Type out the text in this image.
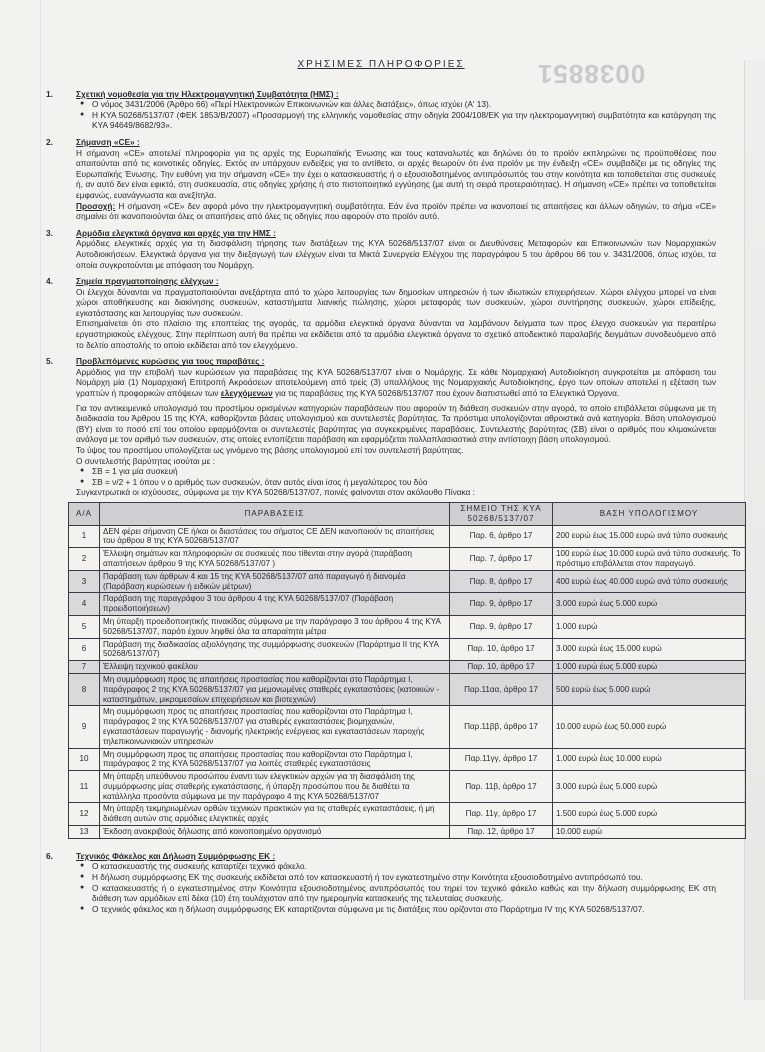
0038851
ΧΡΗΣΙΜΕΣ ΠΛΗΡΟΦΟΡΙΕΣ
1.	Σχετική νομοθεσία για την Ηλεκτρομαγνητική Συμβατότητα (ΗΜΣ) :

● Ο νόμος 3431/2006 (Άρθρο 66) «Περί Ηλεκτρονικών Επικοινωνιών και άλλες διατάξεις», όπως ισχύει (Α' 13).

● Η ΚΥΑ 50268/5137/07 (ΦΕΚ 1853/Β/2007) «Προσαρμογή της ελληνικής νομοθεσίας στην οδηγία 2004/108/ΕΚ για την ηλεκτρομαγνητική συμβατότητα και κατάργηση της ΚΥΑ 94649/8682/93».

2.	Σήμανση «CE» :

Η σήμανση «CE» αποτελεί πληροφορία για τις αρχές της Ευρωπαϊκής Ένωσης και τους καταναλωτές και δηλώνει ότι το προϊόν εκπληρώνει τις προϋποθέσεις που απαιτούνται από τις κοινοτικές οδηγίες. Εκτός αν υπάρχουν ενδείξεις για το αντίθετο, οι αρχές θεωρούν ότι ένα προϊόν με την ένδειξη «CE» συμβαδίζει με τις οδηγίες της Ευρωπαϊκής Ένωσης. Την ευθύνη για την σήμανση «CE» την έχει ο κατασκευαστής ή ο εξουσιοδοτημένος αντιπρόσωπός του στην κοινότητα και τοποθετείται στις συσκευές ή, αν αυτό δεν είναι εφικτό, στη συσκευασία, στις οδηγίες χρήσης ή στο πιστοποιητικό εγγύησης (με αυτή τη σειρά προτεραιότητας). Η σήμανση «CE» πρέπει να τοποθετείται εμφανώς, ευανάγνωστα και ανεξίτηλα.

Προσοχή: Η σήμανση «CE» δεν αφορά μόνο την ηλεκτρομαγνητική συμβατότητα. Εάν ένα προϊόν πρέπει να ικανοποιεί τις απαιτήσεις και άλλων οδηγιών, το σήμα «CE» σημαίνει ότι ικανοποιούνται όλες οι απαιτήσεις από όλες τις οδηγίες που αφορούν στο προϊόν αυτό.

3.	Αρμόδια ελεγκτικά όργανα και αρχές για την ΗΜΣ :

Αρμόδιες ελεγκτικές αρχές για τη διασφάλιση τήρησης των διατάξεων της ΚΥΑ 50268/5137/07 είναι οι Διευθύνσεις Μεταφορών και Επικοινωνιών των Νομαρχιακών Αυτοδιοικήσεων. Ελεγκτικά όργανα για την διεξαγωγή των ελέγχων είναι τα Μικτά Συνεργεία Ελέγχου της παραγράφου 5 του άρθρου 66 του ν. 3431/2006, όπως ισχύει, τα οποία συγκροτούνται με απόφαση του Νομάρχη.

4.	Σημεία πραγματοποίησης ελέγχων :

Οι έλεγχοι δύνανται να πραγματοποιούνται ανεξάρτητα από το χώρο λειτουργίας των δημοσίων υπηρεσιών ή των ιδιωτικών επιχειρήσεων. Χώροι ελέγχου μπορεί να είναι χώροι αποθήκευσης και διακίνησης συσκευών, καταστήματα λιανικής πώλησης, χώροι μεταφοράς των συσκευών, χώροι συντήρησης συσκευών, χώροι επίδειξης, εγκατάστασης και λειτουργίας των συσκευών.

Επισημαίνεται ότι στο πλαίσιο της εποπτείας της αγοράς, τα αρμόδια ελεγκτικά όργανα δύνανται να λαμβάνουν δείγματα των προς έλεγχο συσκευών για περαιτέρω εργαστηριακούς ελέγχους. Στην περίπτωση αυτή θα πρέπει να εκδίδεται από τα αρμόδια ελεγκτικά όργανα το σχετικό αποδεικτικό παραλαβής δειγμάτων συνοδευόμενο από το δελτίο αποστολής το οποίο εκδίδεται από τον ελεγχόμενο.

5.	Προβλεπόμενες κυρώσεις για τους παραβάτες :

Αρμόδιος για την επιβολή των κυρώσεων για παραβάσεις της ΚΥΑ 50268/5137/07 είναι ο Νομάρχης. Σε κάθε Νομαρχιακή Αυτοδιοίκηση συγκροτείται με απόφαση του Νομάρχη μία (1) Νομαρχιακή Επιτροπή Ακροάσεων αποτελούμενη από τρείς (3) υπαλλήλους της Νομαρχιακής Αυτοδιοίκησης, έργο των οποίων αποτελεί η εξέταση των γραπτών ή προφορικών απόψεων των ελεγχόμενων για τις παραβάσεις της ΚΥΑ 50268/5137/07 που έχουν διαπιστωθεί από τα Ελεγκτικά Όργανα.

Για τον αντικειμενικό υπολογισμό του προστίμου ορισμένων κατηγοριών παραβάσεων που αφορούν τη διάθεση συσκευών στην αγορά, το οποίο επιβάλλεται σύμφωνα με τη διαδικασία του Άρθρου 15 της ΚΥΑ, καθορίζονται βάσεις υπολογισμού και συντελεστές βαρύτητας. Τα πρόστιμα υπολογίζονται αθροιστικά ανά κατηγορία. Βάση υπολογισμού (ΒΥ) είναι το ποσό επί του οποίου εφαρμόζονται οι συντελεστές βαρύτητας για συγκεκριμένες παραβάσεις. Συντελεστής βαρύτητας (ΣΒ) είναι ο αριθμός που κλιμακώνεται ανάλογα με τον αριθμό των συσκευών, στις οποίες εντοπίζεται παράβαση και εφαρμόζεται πολλαπλασιαστικά στην αντίστοιχη βάση υπολογισμού.

Το ύψος του προστίμου υπολογίζεται ως γινόμενο της βάσης υπολογισμού επί τον συντελεστή βαρύτητας.

Ο συντελεστής βαρύτητας ισούται με :

● ΣΒ = 1 για μία συσκευή

● ΣΒ = ν/2 + 1 όπου ν ο αριθμός των συσκευών, όταν αυτός είναι ίσος ή μεγαλύτερος του δύο

Συγκεντρωτικά οι ισχύουσες, σύμφωνα με την ΚΥΑ 50268/5137/07, ποινές φαίνονται στον ακόλουθο Πίνακα :

Α/Α	ΠΑΡΑΒΑΣΕΙΣ	ΣΗΜΕΙΟ ΤΗΣ ΚΥΑ 50268/5137/07	ΒΑΣΗ ΥΠΟΛΟΓΙΣΜΟΥ
1	ΔΕΝ φέρει σήμανση CE ή/και οι διαστάσεις του σήματος CE ΔΕΝ ικανοποιούν τις απαιτήσεις του άρθρου 8 της ΚΥΑ 50268/5137/07	Παρ. 6, άρθρο 17	200 ευρώ έως 15.000 ευρώ ανά τύπο συσκευής
2	Έλλειψη σημάτων και πληροφοριών σε συσκευές που τίθενται στην αγορά (παράβαση απαιτήσεων άρθρου 9 της ΚΥΑ 50268/5137/07 )	Παρ. 7, άρθρο 17	100 ευρώ έως 10.000 ευρώ ανά τύπο συσκευής. Το πρόστιμο επιβάλλεται στον παραγωγό.
3	Παράβαση των άρθρων 4 και 15 της ΚΥΑ 50268/5137/07 από παραγωγό ή διανομέα (Παράβαση κυρώσεων ή ειδικών μέτρων)	Παρ. 8, άρθρο 17	400 ευρώ έως 40.000 ευρώ ανά τύπο συσκευής
4	Παράβαση της παραγράφου 3 του άρθρου 4 της ΚΥΑ 50268/5137/07 (Παράβαση προειδοποιήσεων)	Παρ. 9, άρθρο 17	3.000 ευρώ έως 5.000 ευρώ
5	Μη ύπαρξη προειδοποιητικής πινακίδας σύμφωνα με την παράγραφο 3 του άρθρου 4 της ΚΥΑ 50268/5137/07, παρότι έχουν ληφθεί όλα τα απαραίτητα μέτρα	Παρ. 9, άρθρο 17	1.000 ευρώ
6	Παράβαση της διαδικασίας αξιολόγησης της συμμόρφωσης συσκευών (Παράρτημα II της ΚΥΑ 50268/5137/07)	Παρ. 10, άρθρο 17	3.000 ευρώ έως 15.000 ευρώ
7	Έλλειψη τεχνικού φακέλου	Παρ. 10, άρθρο 17	1.000 ευρώ έως 5.000 ευρώ
8	Μη συμμόρφωση προς τις απαιτήσεις προστασίας που καθορίζονται στο Παράρτημα I, παράγραφος 2 της ΚΥΑ 50268/5137/07 για μεμονωμένες σταθερές εγκαταστάσεις (κατοικιών - καταστημάτων, μικρομεσαίων επιχειρήσεων και βιοτεχνιών)	Παρ.11αα, άρθρο 17	500 ευρώ έως 5.000 ευρώ
9	Μη συμμόρφωση προς τις απαιτήσεις προστασίας που καθορίζονται στο Παράρτημα I, παράγραφος 2 της ΚΥΑ 50268/5137/07 για σταθερές εγκαταστάσεις βιομηχανιών, εγκαταστάσεων παραγωγής - διανομής ηλεκτρικής ενέργειας και εγκαταστάσεων παροχής τηλεπικοινωνιακών υπηρεσιών	Παρ.11ββ, άρθρο 17	10.000 ευρώ έως 50.000 ευρώ
10	Μη συμμόρφωση προς τις απαιτήσεις προστασίας που καθορίζονται στο Παράρτημα I, παράγραφος 2 της ΚΥΑ 50268/5137/07 για λοιπές σταθερές εγκαταστάσεις	Παρ.11γγ, άρθρο 17	1.000 ευρώ έως 10.000 ευρώ
11	Μη ύπαρξη υπεύθυνου προσώπου έναντι των ελεγκτικών αρχών για τη διασφάλιση της συμμόρφωσης μίας σταθερής εγκατάστασης, ή ύπαρξη προσώπου που δε διαθέτει τα κατάλληλα προσόντα σύμφωνα με την παράγραφο 4 της ΚΥΑ 50268/5137/07	Παρ. 11β, άρθρο 17	3.000 ευρώ έως 5.000 ευρώ
12	Μη ύπαρξη τεκμηριωμένων ορθών τεχνικών πρακτικών για τις σταθερές εγκαταστάσεις, ή μη διάθεση αυτών στις αρμόδιες ελεγκτικές αρχές	Παρ. 11γ, άρθρο 17	1.500 ευρώ έως 5.000 ευρώ
13	Έκδοση ανακριβούς δήλωσης από κοινοποιημένο οργανισμό	Παρ. 12, άρθρο 17	10.000 ευρώ
6.	Τεχνικός Φάκελος και Δήλωση Συμμόρφωσης ΕΚ :

● Ο κατασκευαστής της συσκευής καταρτίζει τεχνικό φάκελο.

● Η δήλωση συμμόρφωσης ΕΚ της συσκευής εκδίδεται από τον κατασκευαστή ή τον εγκατεστημένο στην Κοινότητα εξουσιοδοτημένο αντιπρόσωπό του.

● Ο κατασκευαστής ή ο εγκατεστημένος στην Κοινότητα εξουσιοδοτημένος αντιπρόσωπός του τηρεί τον τεχνικό φάκελο καθώς και την δήλωση συμμόρφωσης ΕΚ στη διάθεση των αρμόδιων επί δέκα (10) έτη τουλάχιστον από την ημερομηνία κατασκευής της τελευταίας συσκευής.

● Ο τεχνικός φάκελος και η δήλωση συμμόρφωσης ΕΚ καταρτίζονται σύμφωνα με τις διατάξεις που ορίζονται στο Παράρτημα IV της ΚΥΑ 50268/5137/07.
